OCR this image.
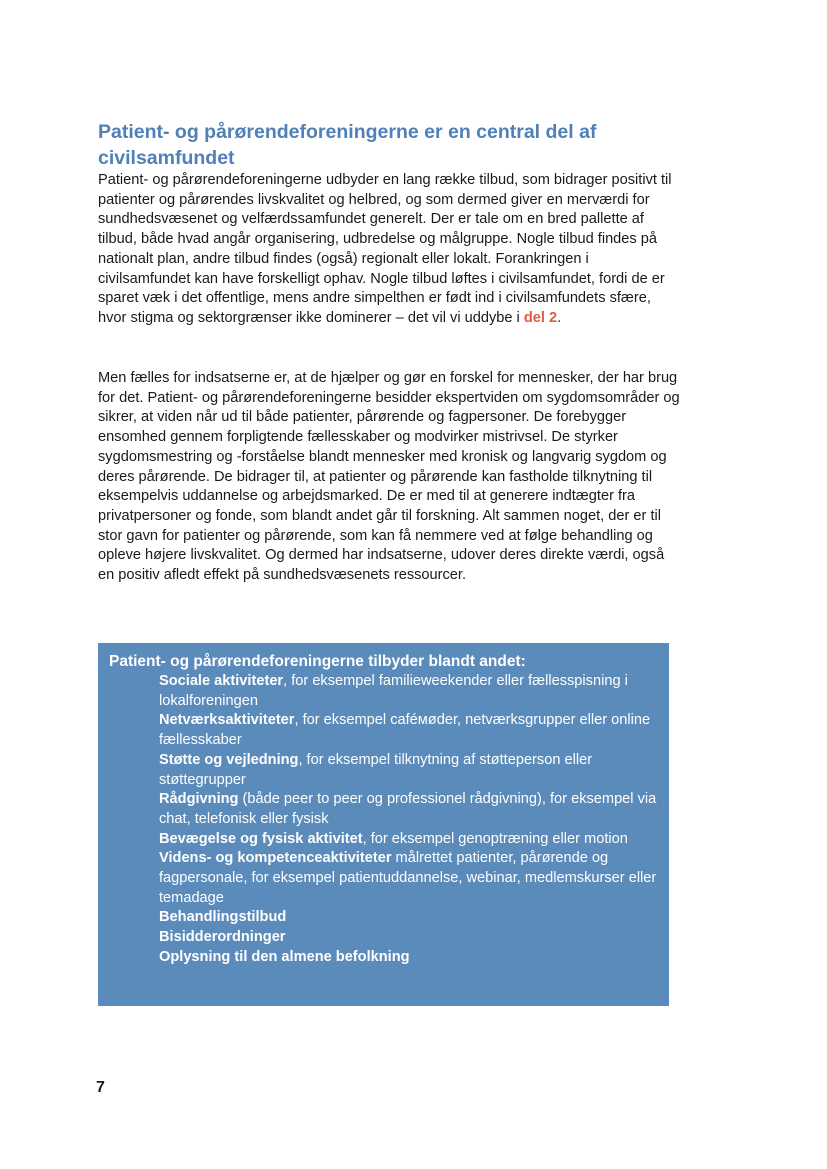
Patient- og pårørendeforeningerne er en central del af civilsamfundet

Patient- og pårørendeforeningerne udbyder en lang række tilbud, som bidrager positivt til patienter og pårørendes livskvalitet og helbred, og som dermed giver en merværdi for sundhedsvæsenet og velfærdssamfundet generelt. Der er tale om en bred pallette af tilbud, både hvad angår organisering, udbredelse og målgruppe. Nogle tilbud findes på nationalt plan, andre tilbud findes (også) regionalt eller lokalt. Forankringen i civilsamfundet kan have forskelligt ophav. Nogle tilbud løftes i civilsamfundet, fordi de er sparet væk i det offentlige, mens andre simpelthen er født ind i civilsamfundets sfære, hvor stigma og sektorgrænser ikke dominerer – det vil vi uddybe i del 2.

Men fælles for indsatserne er, at de hjælper og gør en forskel for mennesker, der har brug for det. Patient- og pårørendeforeningerne besidder ekspertviden om sygdomsområder og sikrer, at viden når ud til både patienter, pårørende og fagpersoner. De forebygger ensomhed gennem forpligtende fællesskaber og modvirker mistrivsel. De styrker sygdomsmestring og -forståelse blandt mennesker med kronisk og langvarig sygdom og deres pårørende. De bidrager til, at patienter og pårørende kan fastholde tilknytning til eksempelvis uddannelse og arbejdsmarked. De er med til at generere indtægter fra privatpersoner og fonde, som blandt andet går til forskning. Alt sammen noget, der er til stor gavn for patienter og pårørende, som kan få nemmere ved at følge behandling og opleve højere livskvalitet. Og dermed har indsatserne, udover deres direkte værdi, også en positiv afledt effekt på sundhedsvæsenets ressourcer.

Patient- og pårørendeforeningerne tilbyder blandt andet:
Sociale aktiviteter, for eksempel familieweekender eller fællesspisning i lokalforeningen
Netværksaktiviteter, for eksempel caféмøder, netværksgrupper eller online fællesskaber
Støtte og vejledning, for eksempel tilknytning af støtteperson eller støttegrupper
Rådgivning (både peer to peer og professionel rådgivning), for eksempel via chat, telefonisk eller fysisk
Bevægelse og fysisk aktivitet, for eksempel genoptræning eller motion
Videns- og kompetenceaktiviteter målrettet patienter, pårørende og fagpersonale, for eksempel patientuddannelse, webinar, medlemskurser eller temadage
Behandlingstilbud
Bisidderordninger
Oplysning til den almene befolkning
7
